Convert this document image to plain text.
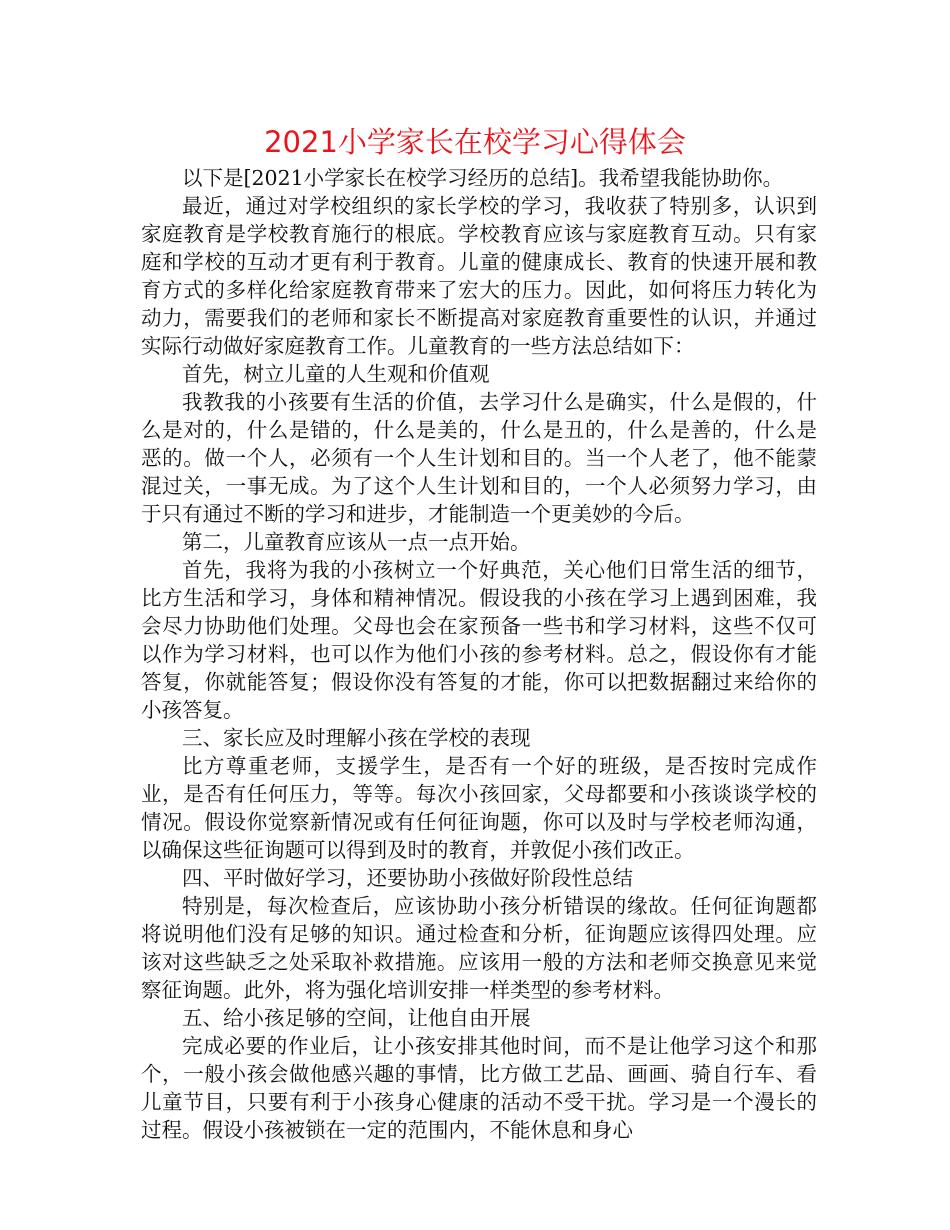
2021小学家长在校学习心得体会

以下是[2021小学家长在校学习经历的总结]。我希望我能协助你。

最近，通过对学校组织的家长学校的学习，我收获了特别多，认识到家庭教育是学校教育施行的根底。学校教育应该与家庭教育互动。只有家庭和学校的互动才更有利于教育。儿童的健康成长、教育的快速开展和教育方式的多样化给家庭教育带来了宏大的压力。因此，如何将压力转化为动力，需要我们的老师和家长不断提高对家庭教育重要性的认识，并通过实际行动做好家庭教育工作。儿童教育的一些方法总结如下：

首先，树立儿童的人生观和价值观

我教我的小孩要有生活的价值，去学习什么是确实，什么是假的，什么是对的，什么是错的，什么是美的，什么是丑的，什么是善的，什么是恶的。做一个人，必须有一个人生计划和目的。当一个人老了，他不能蒙混过关，一事无成。为了这个人生计划和目的，一个人必须努力学习，由于只有通过不断的学习和进步，才能制造一个更美妙的今后。

第二，儿童教育应该从一点一点开始。

首先，我将为我的小孩树立一个好典范，关心他们日常生活的细节，比方生活和学习，身体和精神情况。假设我的小孩在学习上遇到困难，我会尽力协助他们处理。父母也会在家预备一些书和学习材料，这些不仅可以作为学习材料，也可以作为他们小孩的参考材料。总之，假设你有才能答复，你就能答复；假设你没有答复的才能，你可以把数据翻过来给你的小孩答复。

三、家长应及时理解小孩在学校的表现

比方尊重老师，支援学生，是否有一个好的班级，是否按时完成作业，是否有任何压力，等等。每次小孩回家，父母都要和小孩谈谈学校的情况。假设你觉察新情况或有任何征询题，你可以及时与学校老师沟通，以确保这些征询题可以得到及时的教育，并敦促小孩们改正。

四、平时做好学习，还要协助小孩做好阶段性总结

特别是，每次检查后，应该协助小孩分析错误的缘故。任何征询题都将说明他们没有足够的知识。通过检查和分析，征询题应该得四处理。应该对这些缺乏之处采取补救措施。应该用一般的方法和老师交换意见来觉察征询题。此外，将为强化培训安排一样类型的参考材料。

五、给小孩足够的空间，让他自由开展

完成必要的作业后，让小孩安排其他时间，而不是让他学习这个和那个，一般小孩会做他感兴趣的事情，比方做工艺品、画画、骑自行车、看儿童节目，只要有利于小孩身心健康的活动不受干扰。学习是一个漫长的过程。假设小孩被锁在一定的范围内，不能休息和身心
